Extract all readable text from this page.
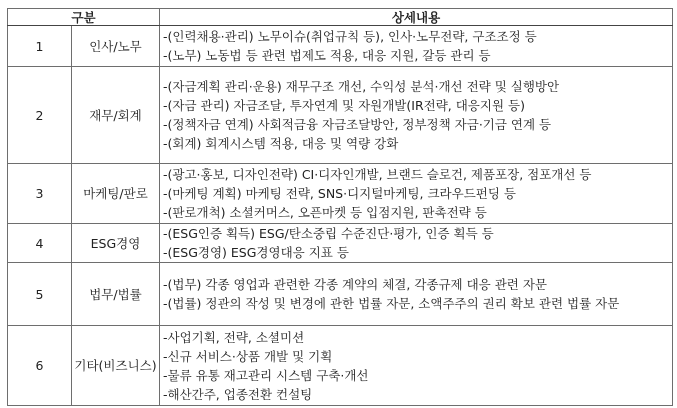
구분		상세내용
1	인사/노무	-(인력채용·관리) 노무이슈(취업규칙 등), 인사·노무전략, 구조조정 등
-(노무) 노동법 등 관련 법제도 적용, 대응 지원, 갈등 관리 등

2	재무/회계	-(자금계획 관리·운용) 재무구조 개선, 수익성 분석·개선 전략 및 실행방안
-(자금 관리) 자금조달, 투자연계 및 자원개발(IR전략, 대응지원 등)
-(정책자금 연계) 사회적금융 자금조달방안, 정부정책 자금·기금 연계 등
-(회계) 회계시스템 적용, 대응 및 역량 강화

3	마케팅/판로	-(광고·홍보, 디자인전략) CI·디자인개발, 브랜드 슬로건, 제품포장, 점포개선 등
-(마케팅 계획) 마케팅 전략, SNS·디지털마케팅, 크라우드펀딩 등
-(판로개척) 소셜커머스, 오픈마켓 등 입점지원, 판촉전략 등

4	ESG경영	-(ESG인증 획득) ESG/탄소중립 수준진단·평가, 인증 획득 등
-(ESG경영) ESG경영대응 지표 등

5	법무/법률	-(법무) 각종 영업과 관련한 각종 계약의 체결, 각종규제 대응 관련 자문
-(법률) 정관의 작성 및 변경에 관한 법률 자문, 소액주주의 권리 확보 관련 법률 자문

6	기타(비즈니스)	-사업기획, 전략, 소셜미션
-신규 서비스·상품 개발 및 기획
-물류 유통 재고관리 시스템 구축·개선
-해산간주, 업종전환 컨설팅
